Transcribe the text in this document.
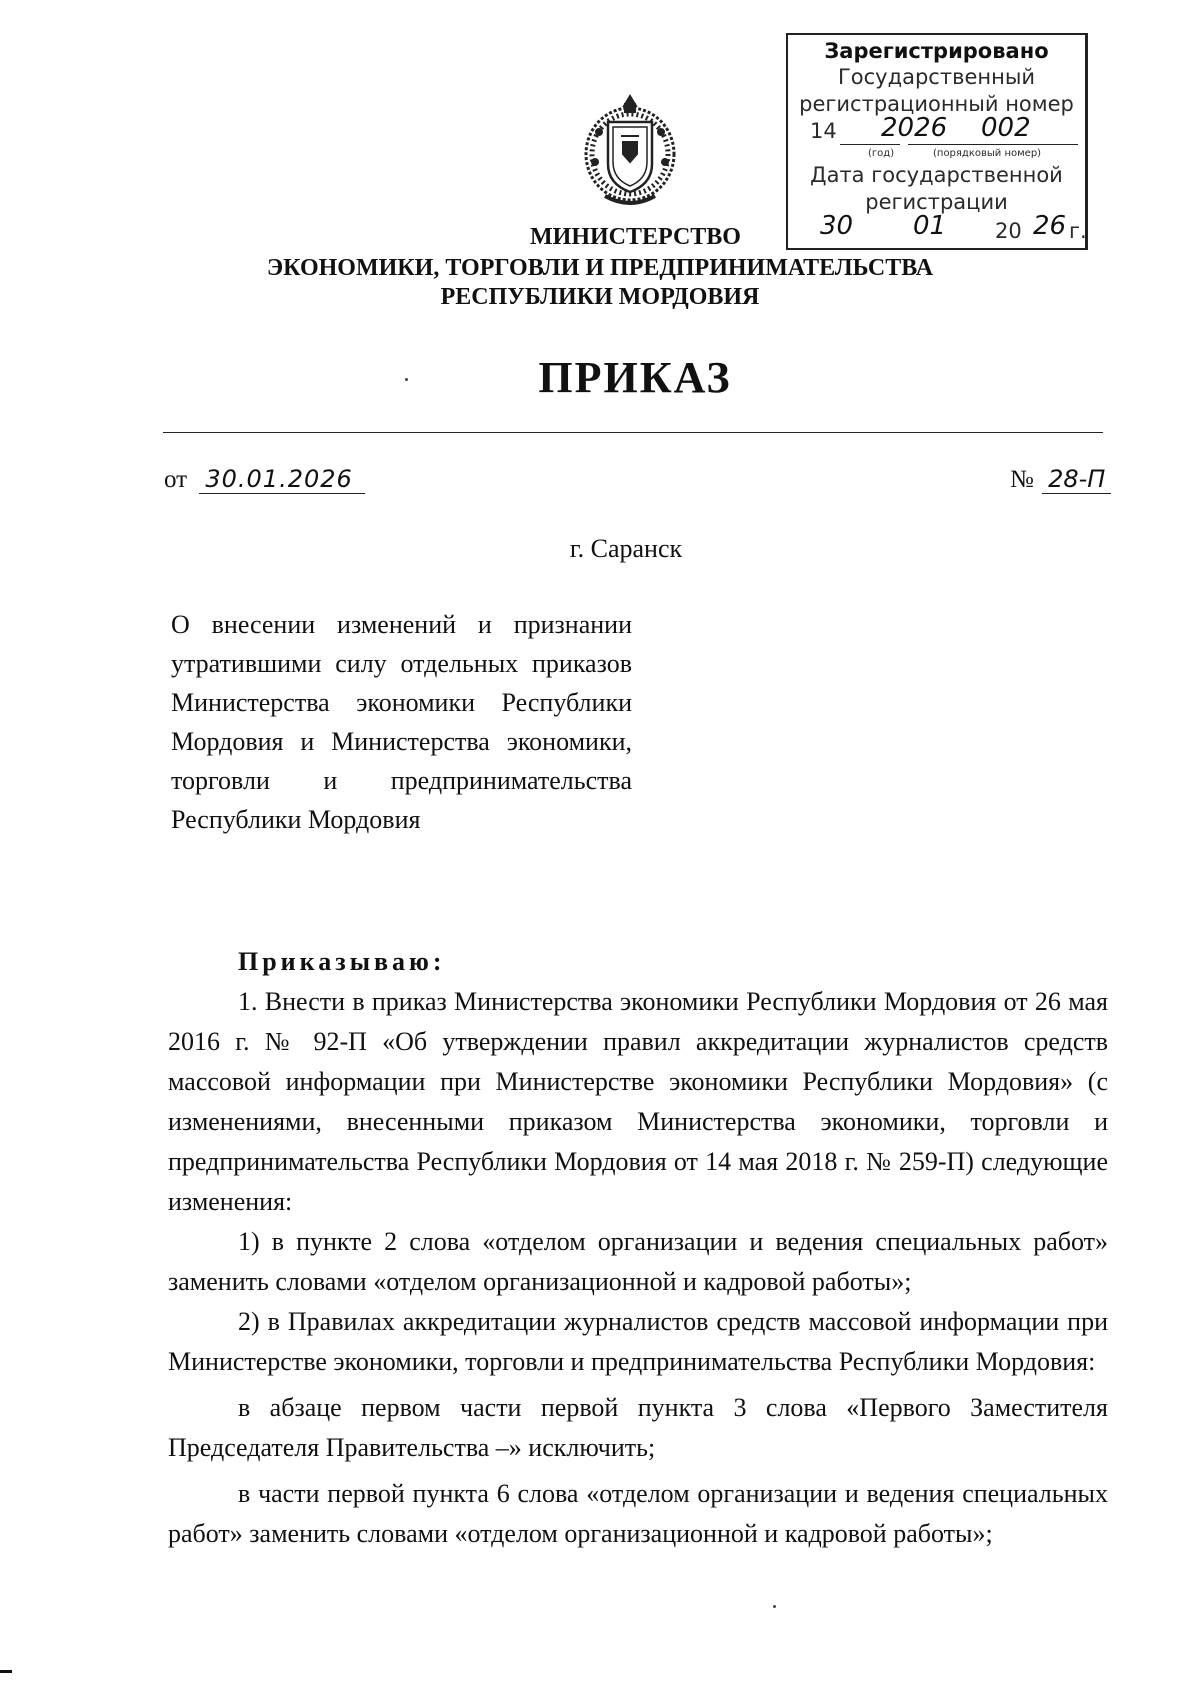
Зарегистрировано
Государственный
регистрационный номер
14 2026 002
(год)	(порядковый номер)
Дата государственной
регистрации
30 01 20 26 г.
МИНИСТЕРСТВО
ЭКОНОМИКИ, ТОРГОВЛИ И ПРЕДПРИНИМАТЕЛЬСТВА
РЕСПУБЛИКИ МОРДОВИЯ
ПРИКАЗ
от 30.01.2026	№ 28-П
г. Саранск
О внесении изменений и признании утратившими силу отдельных приказов Министерства экономики Республики Мордовия и Министерства экономики, торговли и предпринимательства Республики Мордовия

Приказываю:

1. Внести в приказ Министерства экономики Республики Мордовия от 26 мая 2016 г. № 92-П «Об утверждении правил аккредитации журналистов средств массовой информации при Министерстве экономики Республики Мордовия» (с изменениями, внесенными приказом Министерства экономики, торговли и предпринимательства Республики Мордовия от 14 мая 2018 г. № 259-П) следующие изменения:

1) в пункте 2 слова «отделом организации и ведения специальных работ» заменить словами «отделом организационной и кадровой работы»;

2) в Правилах аккредитации журналистов средств массовой информации при Министерстве экономики, торговли и предпринимательства Республики Мордовия:

в абзаце первом части первой пункта 3 слова «Первого Заместителя Председателя Правительства –» исключить;

в части первой пункта 6 слова «отделом организации и ведения специальных работ» заменить словами «отделом организационной и кадровой работы»;
